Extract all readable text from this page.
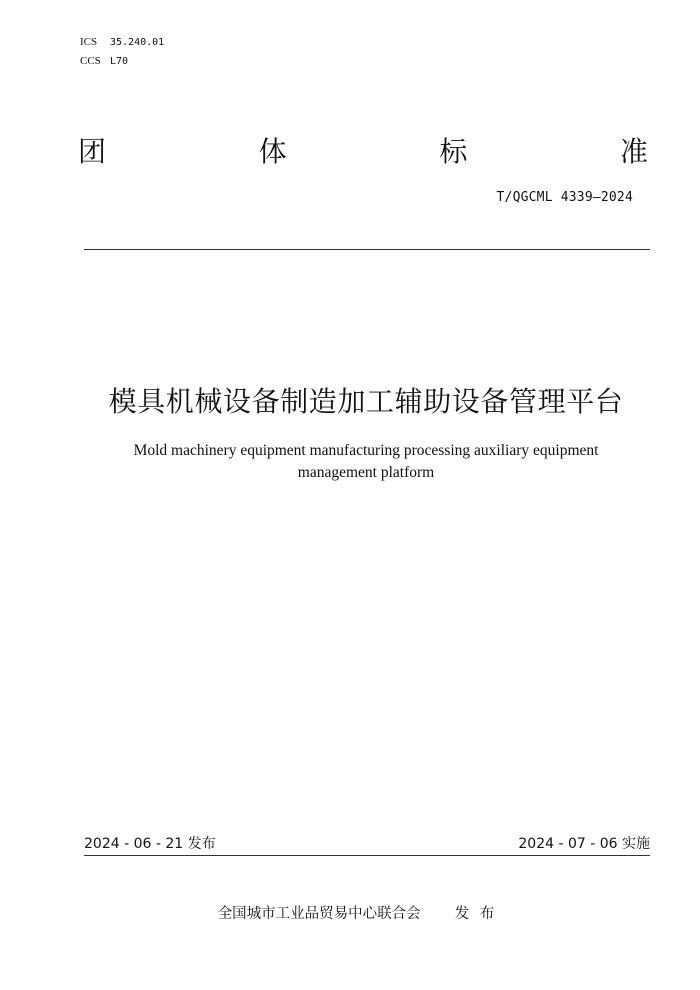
ICS 35.240.01
CCS L70
团	体	标	准
T/QGCML 4339—2024
模具机械设备制造加工辅助设备管理平台
Mold machinery equipment manufacturing processing auxiliary equipment
management platform
2024 - 06 - 21 发布	2024 - 07 - 06 实施
全国城市工业品贸易中心联合会 发 布
